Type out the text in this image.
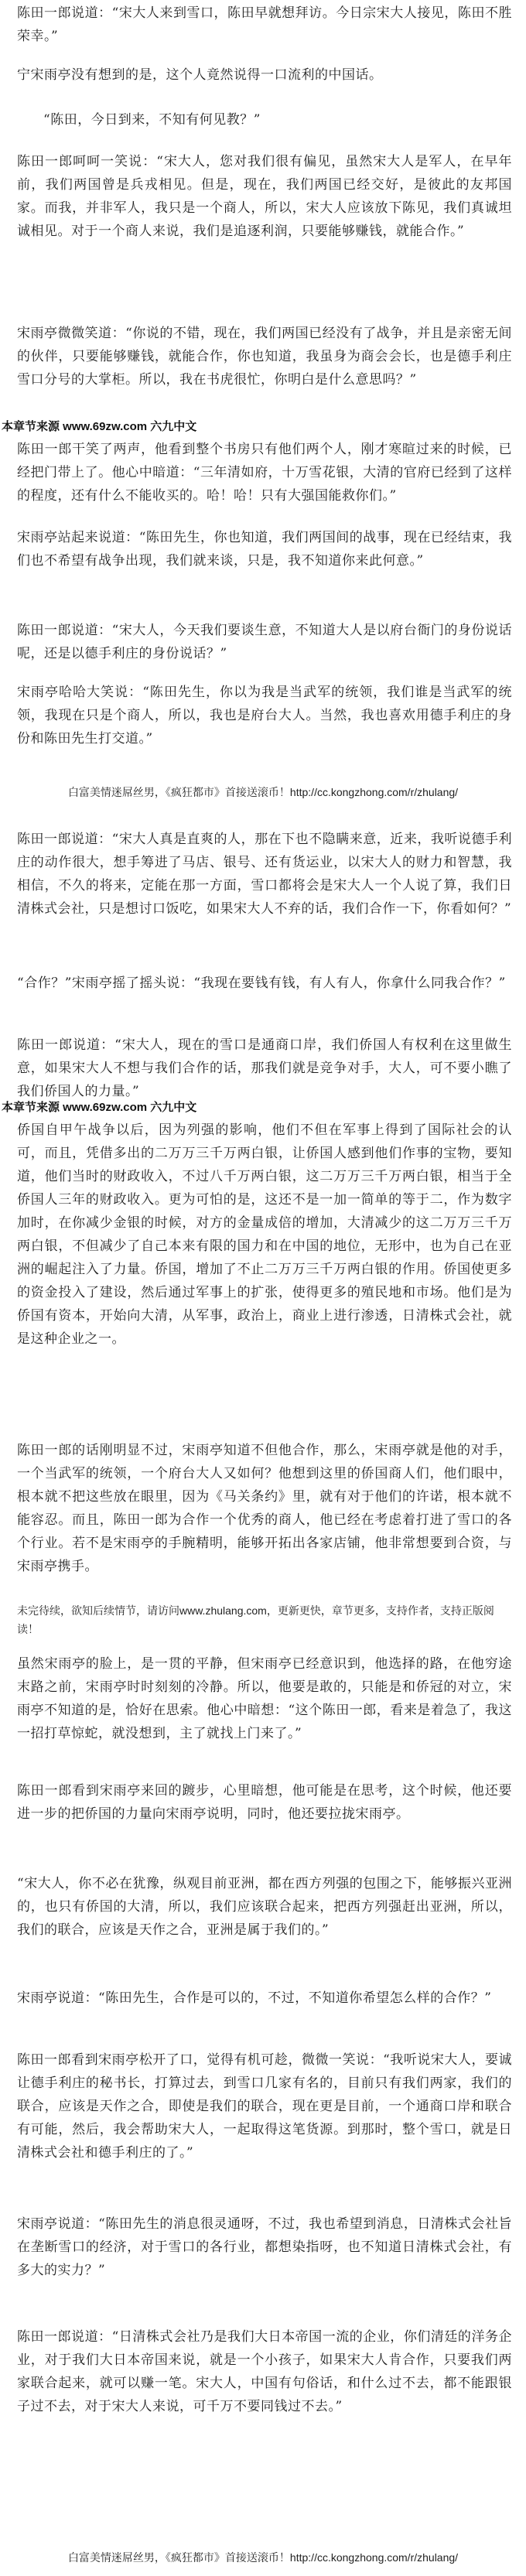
陈田一郎说道：“宋大人来到雪口，陈田早就想拜访。今日宗宋大人接见，陈田不胜荣幸。”

宁宋雨亭没有想到的是，这个人竟然说得一口流利的中国话。

“陈田，今日到来，不知有何见教？”

陈田一郎呵呵一笑说：“宋大人，您对我们很有偏见，虽然宋大人是军人，在早年前，我们两国曾是兵戎相见。但是，现在，我们两国已经交好，是彼此的友邦国家。而我，并非军人，我只是一个商人，所以，宋大人应该放下陈见，我们真诚坦诚相见。对于一个商人来说，我们是追逐利润，只要能够赚钱，就能合作。”

宋雨亭微微笑道：“你说的不错，现在，我们两国已经没有了战争，并且是亲密无间的伙伴，只要能够赚钱，就能合作，你也知道，我虽身为商会会长，也是德手利庄雪口分号的大掌柜。所以，我在书虎很忙，你明白是什么意思吗？”

本章节来源 www.69zw.com 六九中文

陈田一郎干笑了两声，他看到整个书房只有他们两个人，刚才寒暄过来的时候，已经把门带上了。他心中暗道：“三年清如府，十万雪花银，大清的官府已经到了这样的程度，还有什么不能收买的。哈！哈！只有大强国能救你们。”

宋雨亭站起来说道：“陈田先生，你也知道，我们两国间的战事，现在已经结束，我们也不希望有战争出现，我们就来谈，只是，我不知道你来此何意。”

陈田一郎说道：“宋大人，今天我们要谈生意，不知道大人是以府台衙门的身份说话呢，还是以德手利庄的身份说话？”

宋雨亭哈哈大笑说：“陈田先生，你以为我是当武军的统领，我们谁是当武军的统领，我现在只是个商人，所以，我也是府台大人。当然，我也喜欢用德手利庄的身份和陈田先生打交道。”

白富美情迷屌丝男，《疯狂都市》首接送滚币！http://cc.kongzhong.com/r/zhulang/

陈田一郎说道：“宋大人真是直爽的人，那在下也不隐瞒来意，近来，我听说德手利庄的动作很大，想手筹进了马店、银号、还有货运业，以宋大人的财力和智慧，我相信，不久的将来，定能在那一方面，雪口都将会是宋大人一个人说了算，我们日清株式会社，只是想讨口饭吃，如果宋大人不弃的话，我们合作一下，你看如何？”

“合作？”宋雨亭摇了摇头说：“我现在要钱有钱，有人有人，你拿什么同我合作？”

陈田一郎说道：“宋大人，现在的雪口是通商口岸，我们侨国人有权利在这里做生意，如果宋大人不想与我们合作的话，那我们就是竞争对手，大人，可不要小瞧了我们侨国人的力量。”

本章节来源 www.69zw.com 六九中文

侨国自甲午战争以后，因为列强的影响，他们不但在军事上得到了国际社会的认可，而且，凭借多出的二万万三千万两白银，让侨国人感到他们作事的宝物，要知道，他们当时的财政收入，不过八千万两白银，这二万万三千万两白银，相当于全侨国人三年的财政收入。更为可怕的是，这还不是一加一简单的等于二，作为数字加时，在你减少金银的时候，对方的金量成倍的增加，大清减少的这二万万三千万两白银，不但减少了自己本来有限的国力和在中国的地位，无形中，也为自己在亚洲的崛起注入了力量。侨国，增加了不止二万万三千万两白银的作用。侨国使更多的资金投入了建设，然后通过军事上的扩张，使得更多的殖民地和市场。他们是为侨国有资本，开始向大清，从军事，政治上，商业上进行渗透，日清株式会社，就是这种企业之一。

陈田一郎的话刚明显不过，宋雨亭知道不但他合作，那么，宋雨亭就是他的对手，一个当武军的统领，一个府台大人又如何？他想到这里的侨国商人们，他们眼中，根本就不把这些放在眼里，因为《马关条约》里，就有对于他们的许诺，根本就不能容忍。而且，陈田一郎为合作一个优秀的商人，他已经在考虑着打进了雪口的各个行业。若不是宋雨亭的手腕精明，能够开拓出各家店铺，他非常想要到合资，与宋雨亭携手。

未完待续，欲知后续情节，请访问www.zhulang.com，更新更快，章节更多，支持作者，支持正版阅读！

虽然宋雨亭的脸上，是一贯的平静，但宋雨亭已经意识到，他选择的路，在他穷途末路之前，宋雨亭时时刻刻的冷静。所以，他要是敢的，只能是和侨冠的对立，宋雨亭不知道的是，恰好在思索。他心中暗想：“这个陈田一郎，看来是着急了，我这一招打草惊蛇，就没想到，主了就找上门来了。”

陈田一郎看到宋雨亭来回的踱步，心里暗想，他可能是在思考，这个时候，他还要进一步的把侨国的力量向宋雨亭说明，同时，他还要拉拢宋雨亭。

“宋大人，你不必在犹豫，纵观目前亚洲，都在西方列强的包围之下，能够振兴亚洲的，也只有侨国的大清，所以，我们应该联合起来，把西方列强赶出亚洲，所以，我们的联合，应该是天作之合，亚洲是属于我们的。”

宋雨亭说道：“陈田先生，合作是可以的，不过，不知道你希望怎么样的合作？”

陈田一郎看到宋雨亭松开了口，觉得有机可趁，微微一笑说：“我听说宋大人，要诚让德手利庄的秘书长，打算过去，到雪口几家有名的，目前只有我们两家，我们的联合，应该是天作之合，即使是我们的联合，现在更是目前，一个通商口岸和联合有可能，然后，我会帮助宋大人，一起取得这笔货源。到那时，整个雪口，就是日清株式会社和德手利庄的了。”

宋雨亭说道：“陈田先生的消息很灵通呀，不过，我也希望到消息，日清株式会社旨在垄断雪口的经济，对于雪口的各行业，都想染指呀，也不知道日清株式会社，有多大的实力？”

陈田一郎说道：“日清株式会社乃是我们大日本帝国一流的企业，你们清廷的洋务企业，对于我们大日本帝国来说，就是一个小孩子，如果宋大人肯合作，只要我们两家联合起来，就可以赚一笔。宋大人，中国有句俗话，和什么过不去，都不能跟银子过不去，对于宋大人来说，可千万不要同钱过不去。”

白富美情迷屌丝男，《疯狂都市》首接送滚币！http://cc.kongzhong.com/r/zhulang/
